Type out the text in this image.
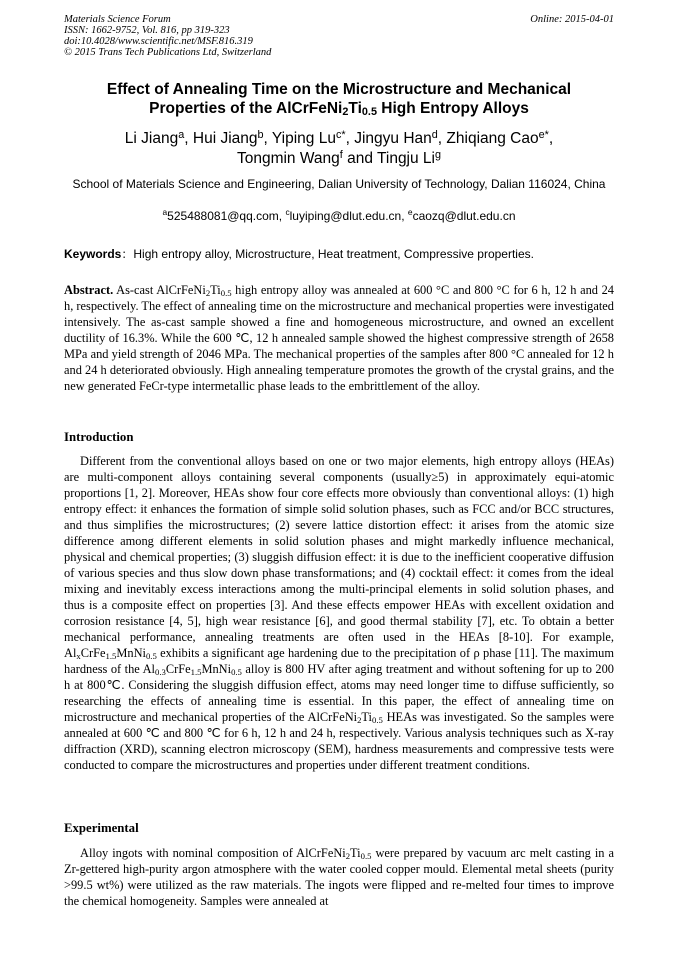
Materials Science Forum
ISSN: 1662-9752, Vol. 816, pp 319-323
doi:10.4028/www.scientific.net/MSF.816.319
© 2015 Trans Tech Publications Ltd, Switzerland
Online: 2015-04-01
Effect of Annealing Time on the Microstructure and Mechanical
Properties of the $AlCrFeNi_2Ti_{0.5}$ High Entropy Alloys
Li Jiang$^a$, Hui Jiang$^b$, Yiping $Lu^{c*}$, Jingyu Han$^d$, Zhiqiang Cao$^{e*}$,
Tongmin Wang$^f$ and Tingju Li$^g$
School of Materials Science and Engineering, Dalian University of Technology, Dalian 116024, China
$^a$525488081@qq.com, $^c$luyiping@dlut.edu.cn, $^e$caozq@dlut.edu.cn
Keywords：High entropy alloy, Microstructure, Heat treatment, Compressive properties.
Abstract. As-cast $AlCrFeNi_2Ti_{0.5}$ high entropy alloy was annealed at 600 °C and 800 °C for 6 h, 12 h and 24 h, respectively. The effect of annealing time on the microstructure and mechanical properties were investigated intensively. The as-cast sample showed a fine and homogeneous microstructure, and owned an excellent ductility of 16.3%. While the 600 ℃, 12 h annealed sample showed the highest compressive strength of 2658 MPa and yield strength of 2046 MPa. The mechanical properties of the samples after 800 °C annealed for 12 h and 24 h deteriorated obviously. High annealing temperature promotes the growth of the crystal grains, and the new generated FeCr-type intermetallic phase leads to the embrittlement of the alloy.
Introduction
Different from the conventional alloys based on one or two major elements, high entropy alloys (HEAs) are multi-component alloys containing several components (usually≥5) in approximately equi-atomic proportions [1, 2]. Moreover, HEAs show four core effects more obviously than conventional alloys: (1) high entropy effect: it enhances the formation of simple solid solution phases, such as FCC and/or BCC structures, and thus simplifies the microstructures; (2) severe lattice distortion effect: it arises from the atomic size difference among different elements in solid solution phases and might markedly influence mechanical, physical and chemical properties; (3) sluggish diffusion effect: it is due to the inefficient cooperative diffusion of various species and thus slow down phase transformations; and (4) cocktail effect: it comes from the ideal mixing and inevitably excess interactions among the multi-principal elements in solid solution phases, and thus is a composite effect on properties [3]. And these effects empower HEAs with excellent oxidation and corrosion resistance [4, 5], high wear resistance [6], and good thermal stability [7], etc. To obtain a better mechanical performance, annealing treatments are often used in the HEAs [8-10]. For example, $Al_xCrFe_{1.5}MnNi_{0.5}$ exhibits a significant age hardening due to the precipitation of ρ phase [11]. The maximum hardness of the $Al_{0.3}CrFe_{1.5}MnNi_{0.5}$ alloy is 800 HV after aging treatment and without softening for up to 200 h at 800℃. Considering the sluggish diffusion effect, atoms may need longer time to diffuse sufficiently, so researching the effects of annealing time is essential. In this paper, the effect of annealing time on microstructure and mechanical properties of the $AlCrFeNi_2Ti_{0.5}$ HEAs was investigated. So the samples were annealed at 600 ℃ and 800 ℃ for 6 h, 12 h and 24 h, respectively. Various analysis techniques such as X-ray diffraction (XRD), scanning electron microscopy (SEM), hardness measurements and compressive tests were conducted to compare the microstructures and properties under different treatment conditions.
Experimental
Alloy ingots with nominal composition of $AlCrFeNi_2Ti_{0.5}$ were prepared by vacuum arc melt casting in a Zr-gettered high-purity argon atmosphere with the water cooled copper mould. Elemental metal sheets (purity >99.5 wt%) were utilized as the raw materials. The ingots were flipped and re-melted four times to improve the chemical homogeneity. Samples were annealed at
